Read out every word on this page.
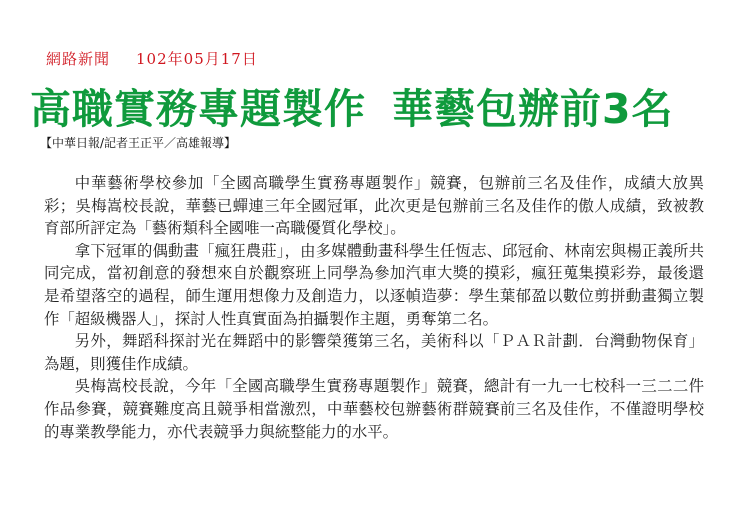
網路新聞 102年05月17日
高職實務專題製作 華藝包辦前3名
【中華日報/記者王正平／高雄報導】

中華藝術學校參加「全國高職學生實務專題製作」競賽，包辦前三名及佳作，成績大放異彩；吳梅嵩校長說，華藝已蟬連三年全國冠軍，此次更是包辦前三名及佳作的傲人成績，致被教育部所評定為「藝術類科全國唯一高職優質化學校」。

拿下冠軍的偶動畫「瘋狂農莊」，由多媒體動畫科學生任恆志、邱冠俞、林南宏與楊正義所共同完成，當初創意的發想來自於觀察班上同學為參加汽車大獎的摸彩，瘋狂蒐集摸彩券，最後還是希望落空的過程，師生運用想像力及創造力，以逐幀造夢：學生葉郁盈以數位剪拼動畫獨立製作「超級機器人」，探討人性真實面為拍攝製作主題，勇奪第二名。

另外，舞蹈科探討光在舞蹈中的影響榮獲第三名，美術科以「ＰＡＲ計劃．台灣動物保育」為題，則獲佳作成績。

吳梅嵩校長說，今年「全國高職學生實務專題製作」競賽，總計有一九一七校科一三二二件作品參賽，競賽難度高且競爭相當激烈，中華藝校包辦藝術群競賽前三名及佳作，不僅證明學校的專業教學能力，亦代表競爭力與統整能力的水平。
